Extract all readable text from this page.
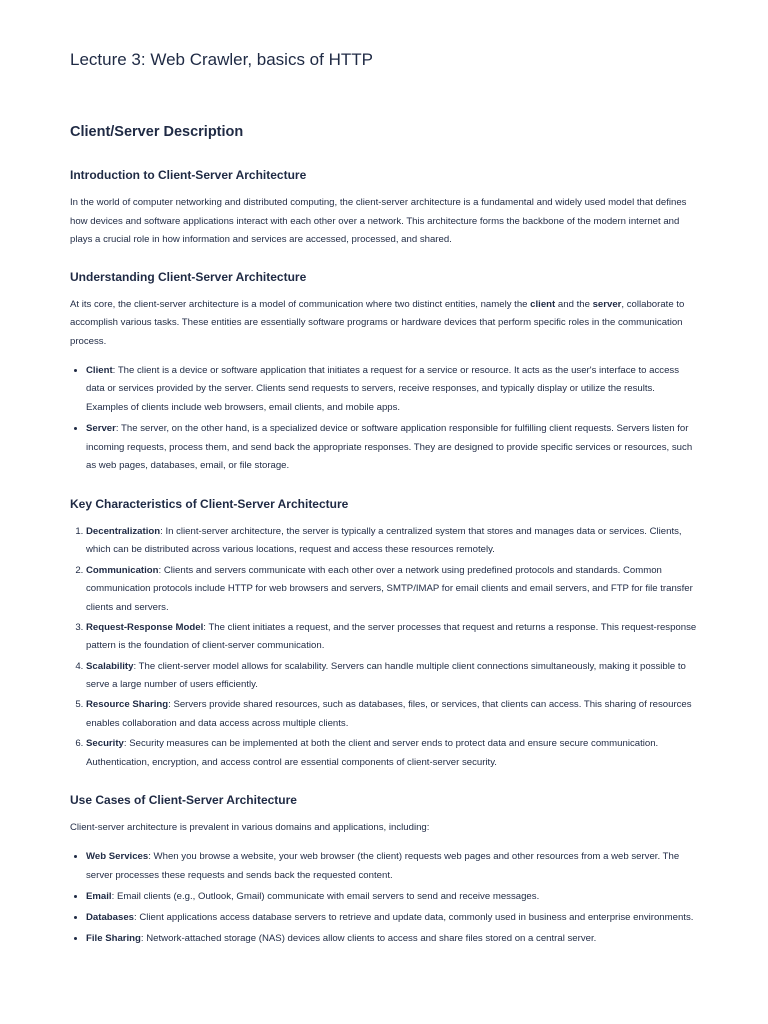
Lecture 3: Web Crawler, basics of HTTP
Client/Server Description
Introduction to Client-Server Architecture

In the world of computer networking and distributed computing, the client-server architecture is a fundamental and widely used model that defines how devices and software applications interact with each other over a network. This architecture forms the backbone of the modern internet and plays a crucial role in how information and services are accessed, processed, and shared.

Understanding Client-Server Architecture

At its core, the client-server architecture is a model of communication where two distinct entities, namely the client and the server, collaborate to accomplish various tasks. These entities are essentially software programs or hardware devices that perform specific roles in the communication process.

• Client: The client is a device or software application that initiates a request for a service or resource. It acts as the user's interface to access data or services provided by the server. Clients send requests to servers, receive responses, and typically display or utilize the results. Examples of clients include web browsers, email clients, and mobile apps.
• Server: The server, on the other hand, is a specialized device or software application responsible for fulfilling client requests. Servers listen for incoming requests, process them, and send back the appropriate responses. They are designed to provide specific services or resources, such as web pages, databases, email, or file storage.
Key Characteristics of Client-Server Architecture
1. Decentralization: In client-server architecture, the server is typically a centralized system that stores and manages data or services. Clients, which can be distributed across various locations, request and access these resources remotely.
2. Communication: Clients and servers communicate with each other over a network using predefined protocols and standards. Common communication protocols include HTTP for web browsers and servers, SMTP/IMAP for email clients and email servers, and FTP for file transfer clients and servers.
3. Request-Response Model: The client initiates a request, and the server processes that request and returns a response. This request-response pattern is the foundation of client-server communication.
4. Scalability: The client-server model allows for scalability. Servers can handle multiple client connections simultaneously, making it possible to serve a large number of users efficiently.
5. Resource Sharing: Servers provide shared resources, such as databases, files, or services, that clients can access. This sharing of resources enables collaboration and data access across multiple clients.
6. Security: Security measures can be implemented at both the client and server ends to protect data and ensure secure communication. Authentication, encryption, and access control are essential components of client-server security.
Use Cases of Client-Server Architecture

Client-server architecture is prevalent in various domains and applications, including:

• Web Services: When you browse a website, your web browser (the client) requests web pages and other resources from a web server. The server processes these requests and sends back the requested content.
• Email: Email clients (e.g., Outlook, Gmail) communicate with email servers to send and receive messages.
• Databases: Client applications access database servers to retrieve and update data, commonly used in business and enterprise environments.
• File Sharing: Network-attached storage (NAS) devices allow clients to access and share files stored on a central server.
